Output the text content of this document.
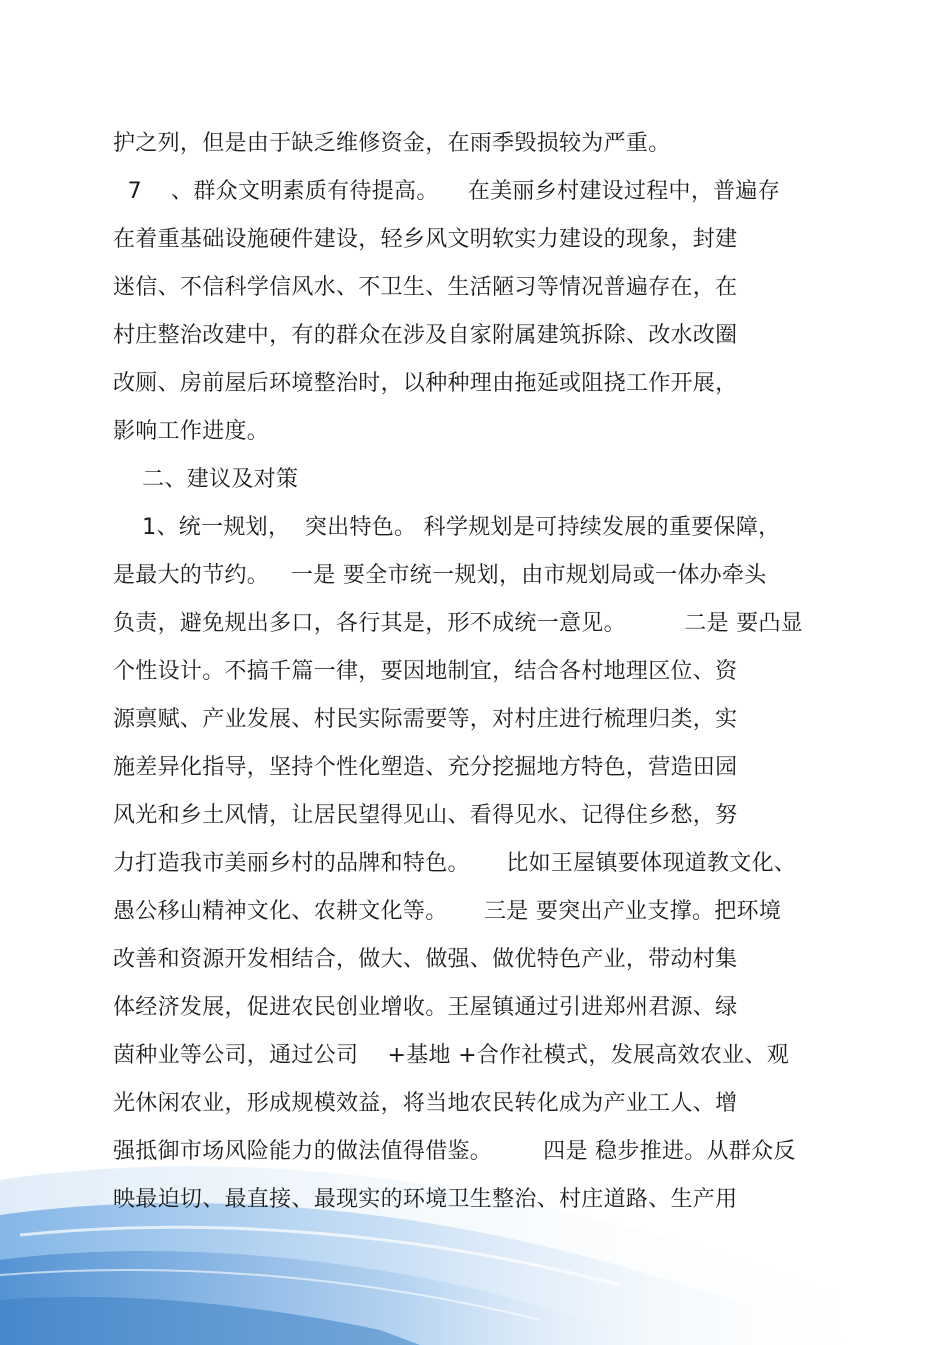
护之列，但是由于缺乏维修资金，在雨季毁损较为严重。
7    、群众文明素质有待提高。    在美丽乡村建设过程中，普遍存
在着重基础设施硬件建设，轻乡风文明软实力建设的现象，封建
迷信、不信科学信风水、不卫生、生活陋习等情况普遍存在，在
村庄整治改建中，有的群众在涉及自家附属建筑拆除、改水改圈
改厕、房前屋后环境整治时，以种种理由拖延或阻挠工作开展，
影响工作进度。
二、建议及对策
1、统一规划，  突出特色。 科学规划是可持续发展的重要保障，
是最大的节约。   一是 要全市统一规划，由市规划局或一体办牵头
负责，避免规出多口，各行其是，形不成统一意见。        二是 要凸显
个性设计。不搞千篇一律，要因地制宜，结合各村地理区位、资
源禀赋、产业发展、村民实际需要等，对村庄进行梳理归类，实
施差异化指导，坚持个性化塑造、充分挖掘地方特色，营造田园
风光和乡土风情，让居民望得见山、看得见水、记得住乡愁，努
力打造我市美丽乡村的品牌和特色。     比如王屋镇要体现道教文化、
愚公移山精神文化、农耕文化等。     三是 要突出产业支撑。把环境
改善和资源开发相结合，做大、做强、做优特色产业，带动村集
体经济发展，促进农民创业增收。王屋镇通过引进郑州君源、绿
茵种业等公司，通过公司    +基地 +合作社模式，发展高效农业、观
光休闲农业，形成规模效益，将当地农民转化成为产业工人、增
强抵御市场风险能力的做法值得借鉴。       四是 稳步推进。从群众反
映最迫切、最直接、最现实的环境卫生整治、村庄道路、生产用
